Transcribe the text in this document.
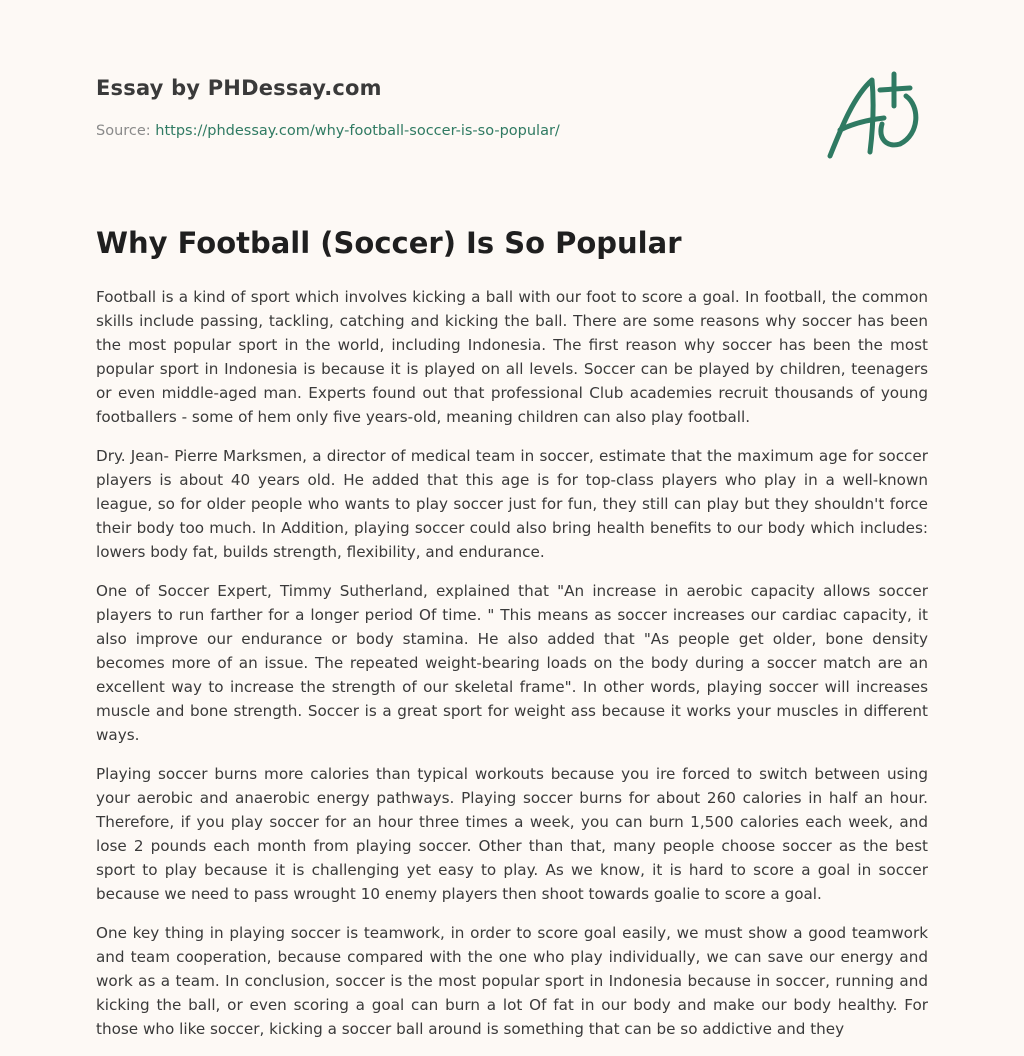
Essay by PHDessay.com
Source: https://phdessay.com/why-football-soccer-is-so-popular/
Why Football (Soccer) Is So Popular

Football is a kind of sport which involves kicking a ball with our foot to score a goal. In football, the common skills include passing, tackling, catching and kicking the ball. There are some reasons why soccer has been the most popular sport in the world, including Indonesia. The first reason why soccer has been the most popular sport in Indonesia is because it is played on all levels. Soccer can be played by children, teenagers or even middle-aged man. Experts found out that professional Club academies recruit thousands of young footballers - some of hem only five years-old, meaning children can also play football.

Dry. Jean- Pierre Marksmen, a director of medical team in soccer, estimate that the maximum age for soccer players is about 40 years old. He added that this age is for top-class players who play in a well-known league, so for older people who wants to play soccer just for fun, they still can play but they shouldn't force their body too much. In Addition, playing soccer could also bring health benefits to our body which includes: lowers body fat, builds strength, flexibility, and endurance.

One of Soccer Expert, Timmy Sutherland, explained that "An increase in aerobic capacity allows soccer players to run farther for a longer period Of time. " This means as soccer increases our cardiac capacity, it also improve our endurance or body stamina. He also added that "As people get older, bone density becomes more of an issue. The repeated weight-bearing loads on the body during a soccer match are an excellent way to increase the strength of our skeletal frame". In other words, playing soccer will increases muscle and bone strength. Soccer is a great sport for weight ass because it works your muscles in different ways.

Playing soccer burns more calories than typical workouts because you ire forced to switch between using your aerobic and anaerobic energy pathways. Playing soccer burns for about 260 calories in half an hour. Therefore, if you play soccer for an hour three times a week, you can burn 1,500 calories each week, and lose 2 pounds each month from playing soccer. Other than that, many people choose soccer as the best sport to play because it is challenging yet easy to play. As we know, it is hard to score a goal in soccer because we need to pass wrought 10 enemy players then shoot towards goalie to score a goal.

One key thing in playing soccer is teamwork, in order to score goal easily, we must show a good teamwork and team cooperation, because compared with the one who play individually, we can save our energy and work as a team. In conclusion, soccer is the most popular sport in Indonesia because in soccer, running and kicking the ball, or even scoring a goal can burn a lot Of fat in our body and make our body healthy. For those who like soccer, kicking a soccer ball around is something that can be so addictive and they
